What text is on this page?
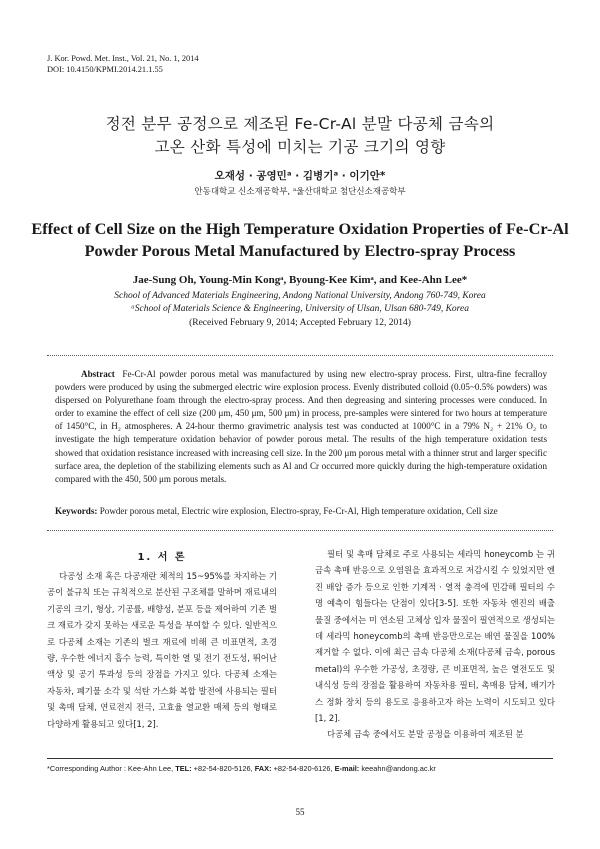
J. Kor. Powd. Met. Inst., Vol. 21, No. 1, 2014
DOI: 10.4150/KPMI.2014.21.1.55
정전 분무 공정으로 제조된 Fe-Cr-Al 분말 다공체 금속의
고온 산화 특성에 미치는 기공 크기의 영향
오재성 · 공영민ᵃ · 김병기ᵃ · 이기안*
안동대학교 신소재공학부, ᵃ울산대학교 첨단신소재공학부
Effect of Cell Size on the High Temperature Oxidation Properties of Fe-Cr-Al
Powder Porous Metal Manufactured by Electro-spray Process
Jae-Sung Oh, Young-Min Kongᵃ, Byoung-Kee Kimᵃ, and Kee-Ahn Lee*
School of Advanced Materials Engineering, Andong National University, Andong 760-749, Korea
ᵃSchool of Materials Science & Engineering, University of Ulsan, Ulsan 680-749, Korea
(Received February 9, 2014; Accepted February 12, 2014)
Abstract Fe-Cr-Al powder porous metal was manufactured by using new electro-spray process. First, ultra-fine fecralloy powders were produced by using the submerged electric wire explosion process. Evenly distributed colloid (0.05~0.5% powders) was dispersed on Polyurethane foam through the electro-spray process. And then degreasing and sintering processes were conduced. In order to examine the effect of cell size (200 μm, 450 μm, 500 μm) in process, pre-samples were sintered for two hours at temperature of 1450°C, in H₂ atmospheres. A 24-hour thermo gravimetric analysis test was conducted at 1000°C in a 79% N₂ + 21% O₂ to investigate the high temperature oxidation behavior of powder porous metal. The results of the high temperature oxidation tests showed that oxidation resistance increased with increasing cell size. In the 200 μm porous metal with a thinner strut and larger specific surface area, the depletion of the stabilizing elements such as Al and Cr occurred more quickly during the high-temperature oxidation compared with the 450, 500 μm porous metals.
Keywords: Powder porous metal, Electric wire explosion, Electro-spray, Fe-Cr-Al, High temperature oxidation, Cell size
1. 서 론
다공성 소재 혹은 다공재란 체적의 15~95%를 차지하는 기공이 불규칙 또는 규칙적으로 분산된 구조체를 말하며 재료내의 기공의 크기, 형상, 기공률, 배향성, 분포 등을 제어하여 기존 벌크 재료가 갖지 못하는 새로운 특성을 부여할 수 있다. 일반적으로 다공체 소재는 기존의 벌크 재료에 비해 큰 비표면적, 초경량, 우수한 에너지 흡수 능력, 특이한 열 및 전기 전도성, 뛰어난 액상 및 공기 투과성 등의 장점을 가지고 있다. 다공체 소재는 자동차, 폐기물 소각 및 석탄 가스화 복합 발전에 사용되는 필터 및 촉매 담체, 연료전지 전극, 고효율 열교환 매체 등의 형태로 다양하게 활용되고 있다[1, 2].
필터 및 촉매 담체로 주로 사용되는 세라믹 honeycomb 는 귀금속 촉매 반응으로 오염원을 효과적으로 저감시킬 수 있었지만 엔진 배압 증가 등으로 인한 기계적 · 열적 충격에 민감해 필터의 수명 예측이 힘들다는 단점이 있다[3-5]. 또한 자동차 엔진의 배출 물질 중에서는 미 연소된 고체상 입자 물질이 필연적으로 생성되는데 세라믹 honeycomb의 촉매 반응만으로는 배연 물질을 100% 제거할 수 없다. 이에 최근 금속 다공체 소재(다공체 금속, porous metal)의 우수한 가공성, 초경량, 큰 비표면적, 높은 열전도도 및 내식성 등의 장점을 활용하여 자동차용 필터, 촉매용 담체, 배기가스 정화 장치 등의 용도로 응용하고자 하는 노력이 시도되고 있다[1, 2].
다공체 금속 중에서도 분말 공정을 이용하여 제조된 분
*Corresponding Author : Kee-Ahn Lee, TEL: +82-54-820-5126, FAX: +82-54-820-6126, E-mail: keeahn@andong.ac.kr
55
